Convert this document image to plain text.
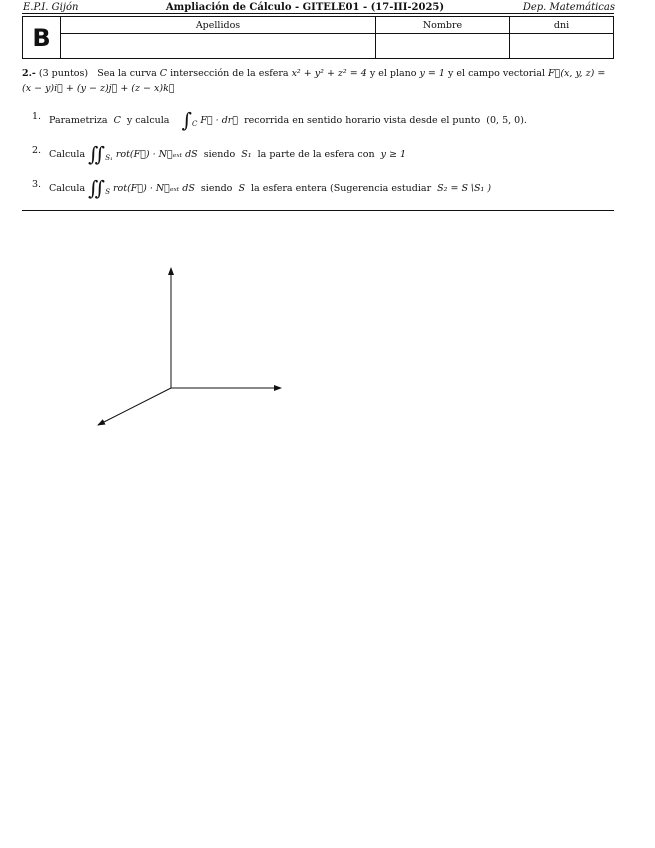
E.P.I. Gijón	Ampliación de Cálculo - GITELE01 - (17-III-2025)	Dep. Matemáticas
B	Apellidos	Nombre	dni

2.- (3 puntos) Sea la curva C intersección de la esfera x² + y² + z² = 4 y el plano y = 1 y el campo vectorial F⃗(x, y, z) =
(x − y)i⃗ + (y − z)j⃗ + (z − x)k⃗
1. Parametriza C y calcula $\int_C$ F⃗ · dr⃗ recorrida en sentido horario vista desde el punto (0, 5, 0).
2. Calcula $∬_{S_1}$ rot(F⃗) · N⃗ₑₓₜ dS siendo S₁ la parte de la esfera con y ≥ 1
3. Calcula $∬_S$ rot(F⃗) · N⃗ₑₓₜ dS siendo S la esfera entera (Sugerencia estudiar S₂ = S∖S₁ )
